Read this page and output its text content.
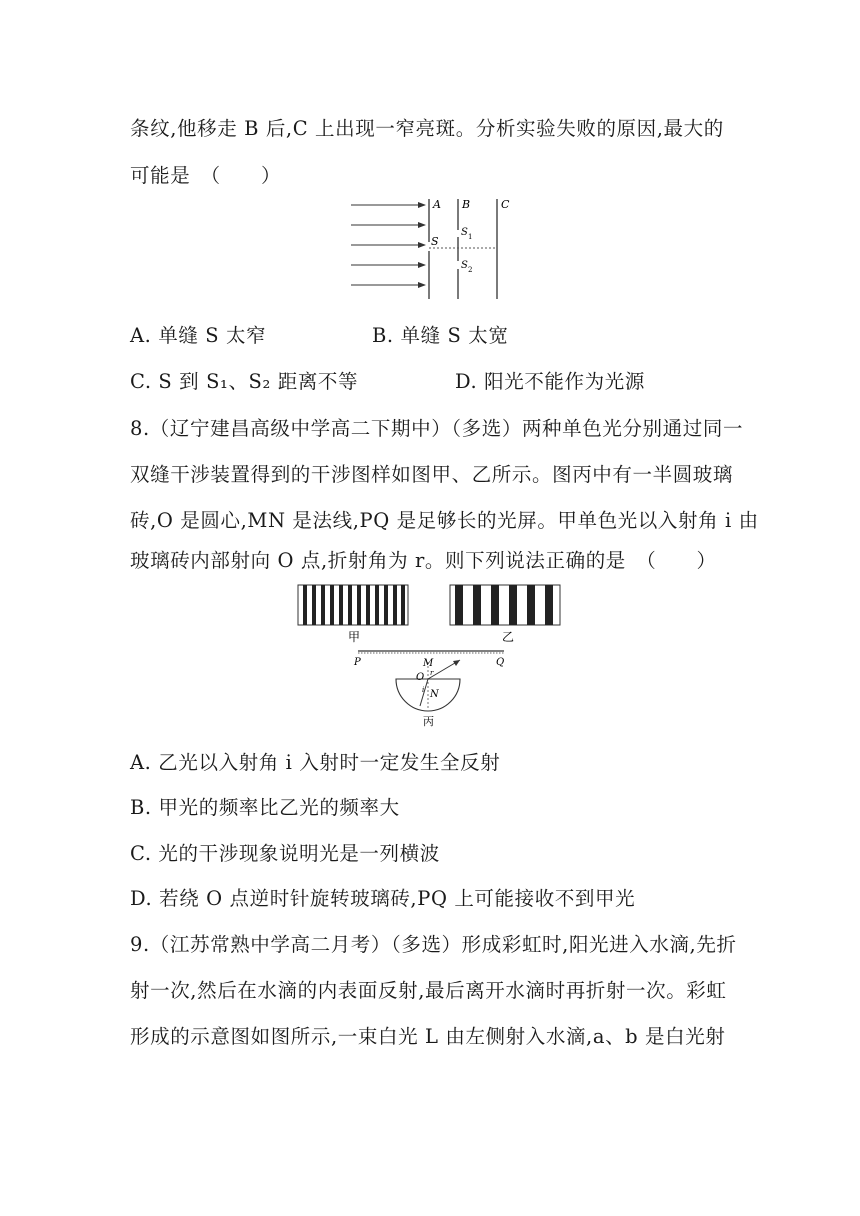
条纹,他移走 B 后,C 上出现一窄亮斑。分析实验失败的原因,最大的
可能是　（　　）
A B	C
S
S 1
S 2
A. 单缝 S 太窄	B. 单缝 S 太宽
C. S 到 S₁、S₂ 距离不等	D. 阳光不能作为光源
8.（辽宁建昌高级中学高二下期中）（多选）两种单色光分别通过同一
双缝干涉装置得到的干涉图样如图甲、乙所示。图丙中有一半圆玻璃
砖,O 是圆心,MN 是法线,PQ 是足够长的光屏。甲单色光以入射角 i 由
玻璃砖内部射向 O 点,折射角为 r。则下列说法正确的是　（　　）
甲	乙
P	Q
M
O r
i N
丙
A. 乙光以入射角 i 入射时一定发生全反射
B. 甲光的频率比乙光的频率大
C. 光的干涉现象说明光是一列横波
D. 若绕 O 点逆时针旋转玻璃砖,PQ 上可能接收不到甲光
9.（江苏常熟中学高二月考）（多选）形成彩虹时,阳光进入水滴,先折
射一次,然后在水滴的内表面反射,最后离开水滴时再折射一次。彩虹
形成的示意图如图所示,一束白光 L 由左侧射入水滴,a、b 是白光射
